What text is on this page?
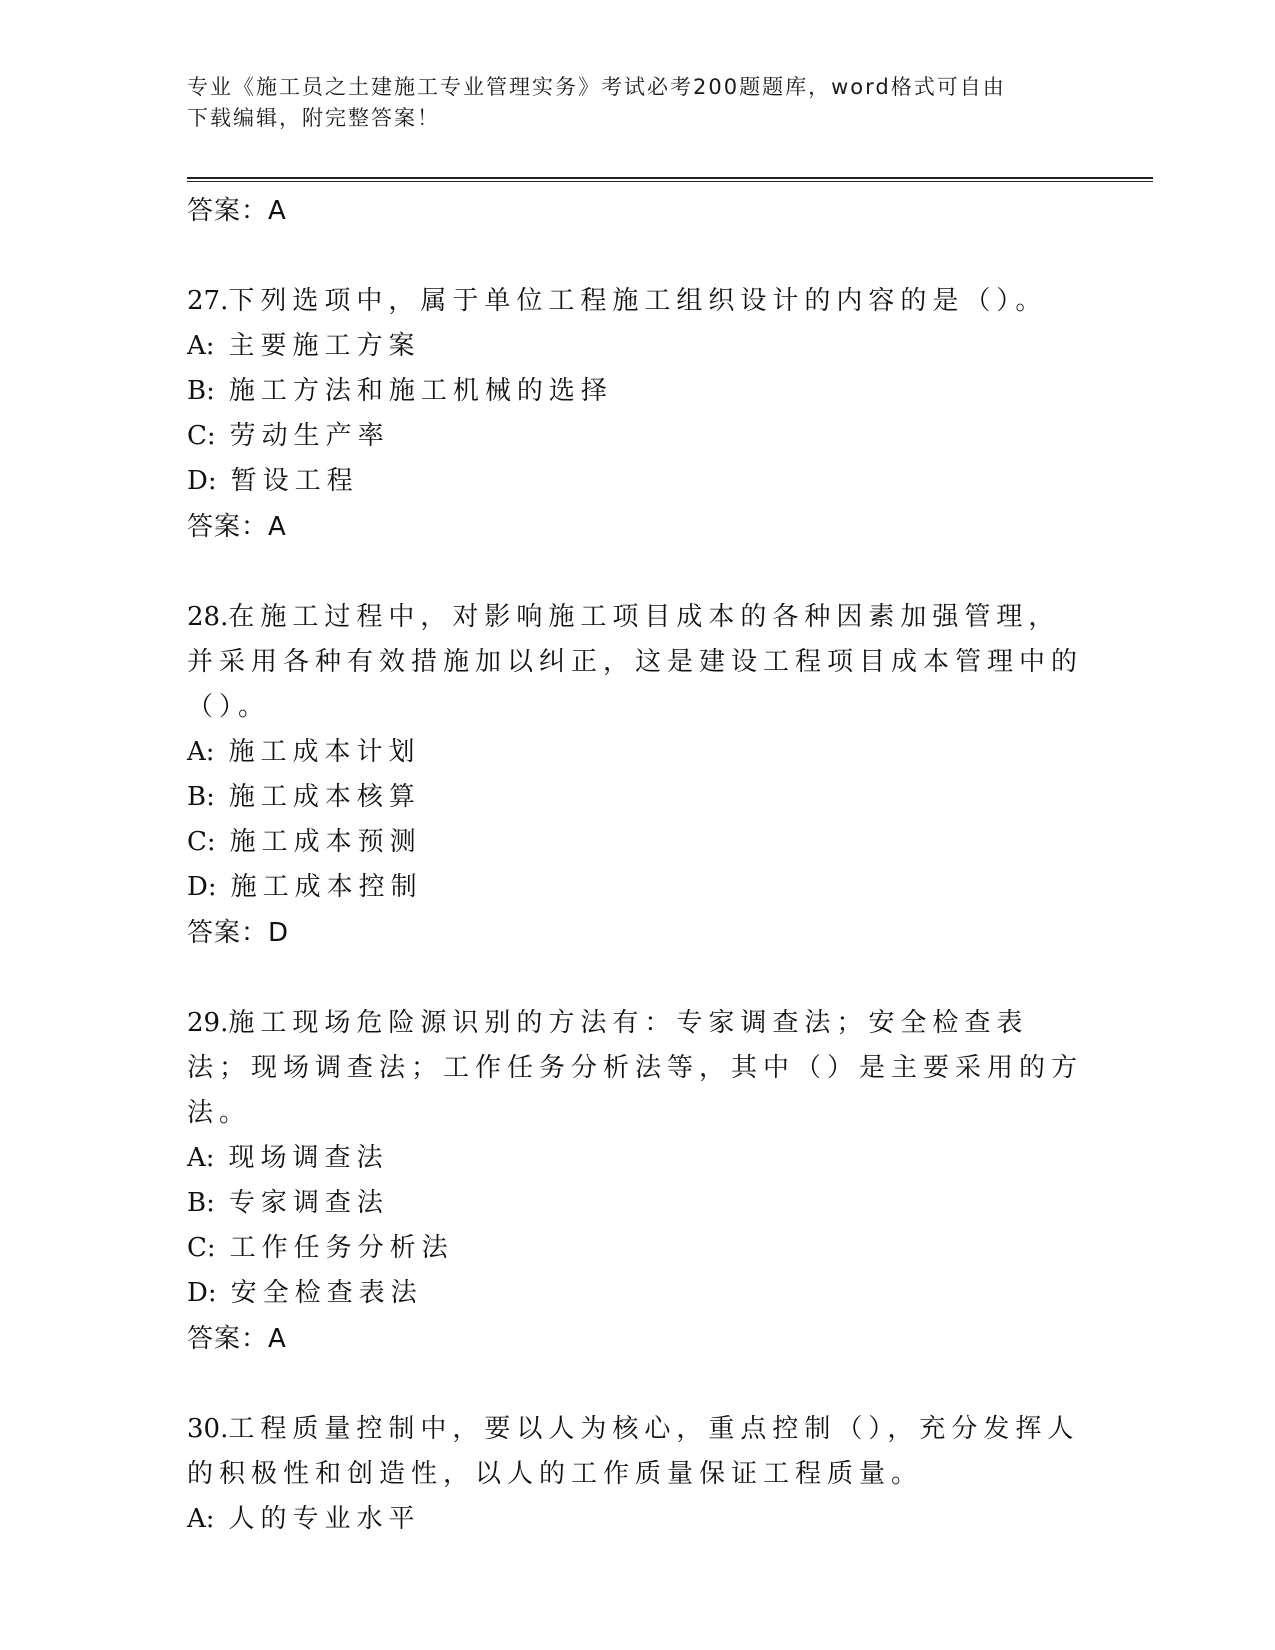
专业《施工员之土建施工专业管理实务》考试必考200题题库，word格式可自由
下载编辑，附完整答案！
答案：A
27.下列选项中，属于单位工程施工组织设计的内容的是（）。
A: 主要施工方案
B: 施工方法和施工机械的选择
C: 劳动生产率
D: 暂设工程
答案：A
28.在施工过程中，对影响施工项目成本的各种因素加强管理，并采用各种有效措施加以纠正，这是建设工程项目成本管理中的（）。
A: 施工成本计划
B: 施工成本核算
C: 施工成本预测
D: 施工成本控制
答案：D
29.施工现场危险源识别的方法有：专家调查法；安全检查表法；现场调查法；工作任务分析法等，其中（）是主要采用的方法。
A: 现场调查法
B: 专家调查法
C: 工作任务分析法
D: 安全检查表法
答案：A
30.工程质量控制中，要以人为核心，重点控制（），充分发挥人的积极性和创造性，以人的工作质量保证工程质量。
A: 人的专业水平
